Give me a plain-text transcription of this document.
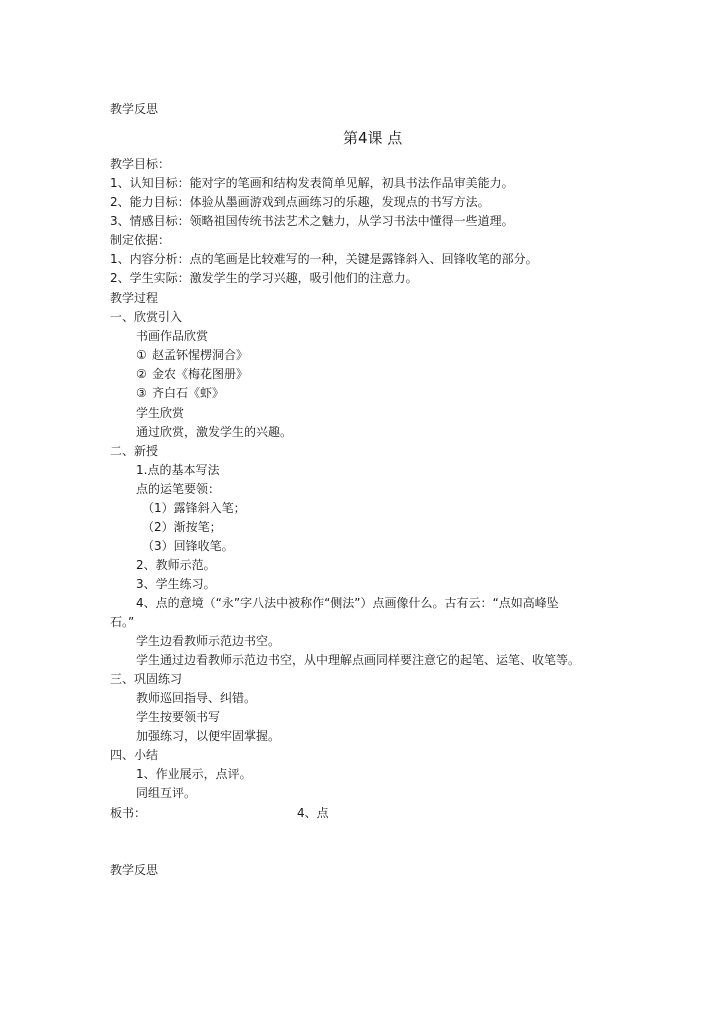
教学反思
第4课 点
教学目标：
1、认知目标：能对字的笔画和结构发表简单见解，初具书法作品审美能力。
2、能力目标：体验从墨画游戏到点画练习的乐趣，发现点的书写方法。
3、情感目标：领略祖国传统书法艺术之魅力，从学习书法中懂得一些道理。
制定依据：
1、内容分析：点的笔画是比较难写的一种，关键是露锋斜入、回锋收笔的部分。
2、学生实际：激发学生的学习兴趣，吸引他们的注意力。
教学过程
一、欣赏引入
书画作品欣赏
① 赵孟钚惺楞洞合》
② 金农《梅花图册》
③ 齐白石《虾》
学生欣赏
通过欣赏，激发学生的兴趣。
二、新授
1.点的基本写法
点的运笔要领：
（1）露锋斜入笔；
（2）渐按笔；
（3）回锋收笔。
2、教师示范。
3、学生练习。
4、点的意境（“永”字八法中被称作“侧法”）点画像什么。古有云：“点如高峰坠
石。”
学生边看教师示范边书空。
学生通过边看教师示范边书空，从中理解点画同样要注意它的起笔、运笔、收笔等。
三、巩固练习
教师巡回指导、纠错。
学生按要领书写
加强练习，以便牢固掌握。
四、小结
1、作业展示，点评。
同组互评。
板书：	4、点
教学反思
